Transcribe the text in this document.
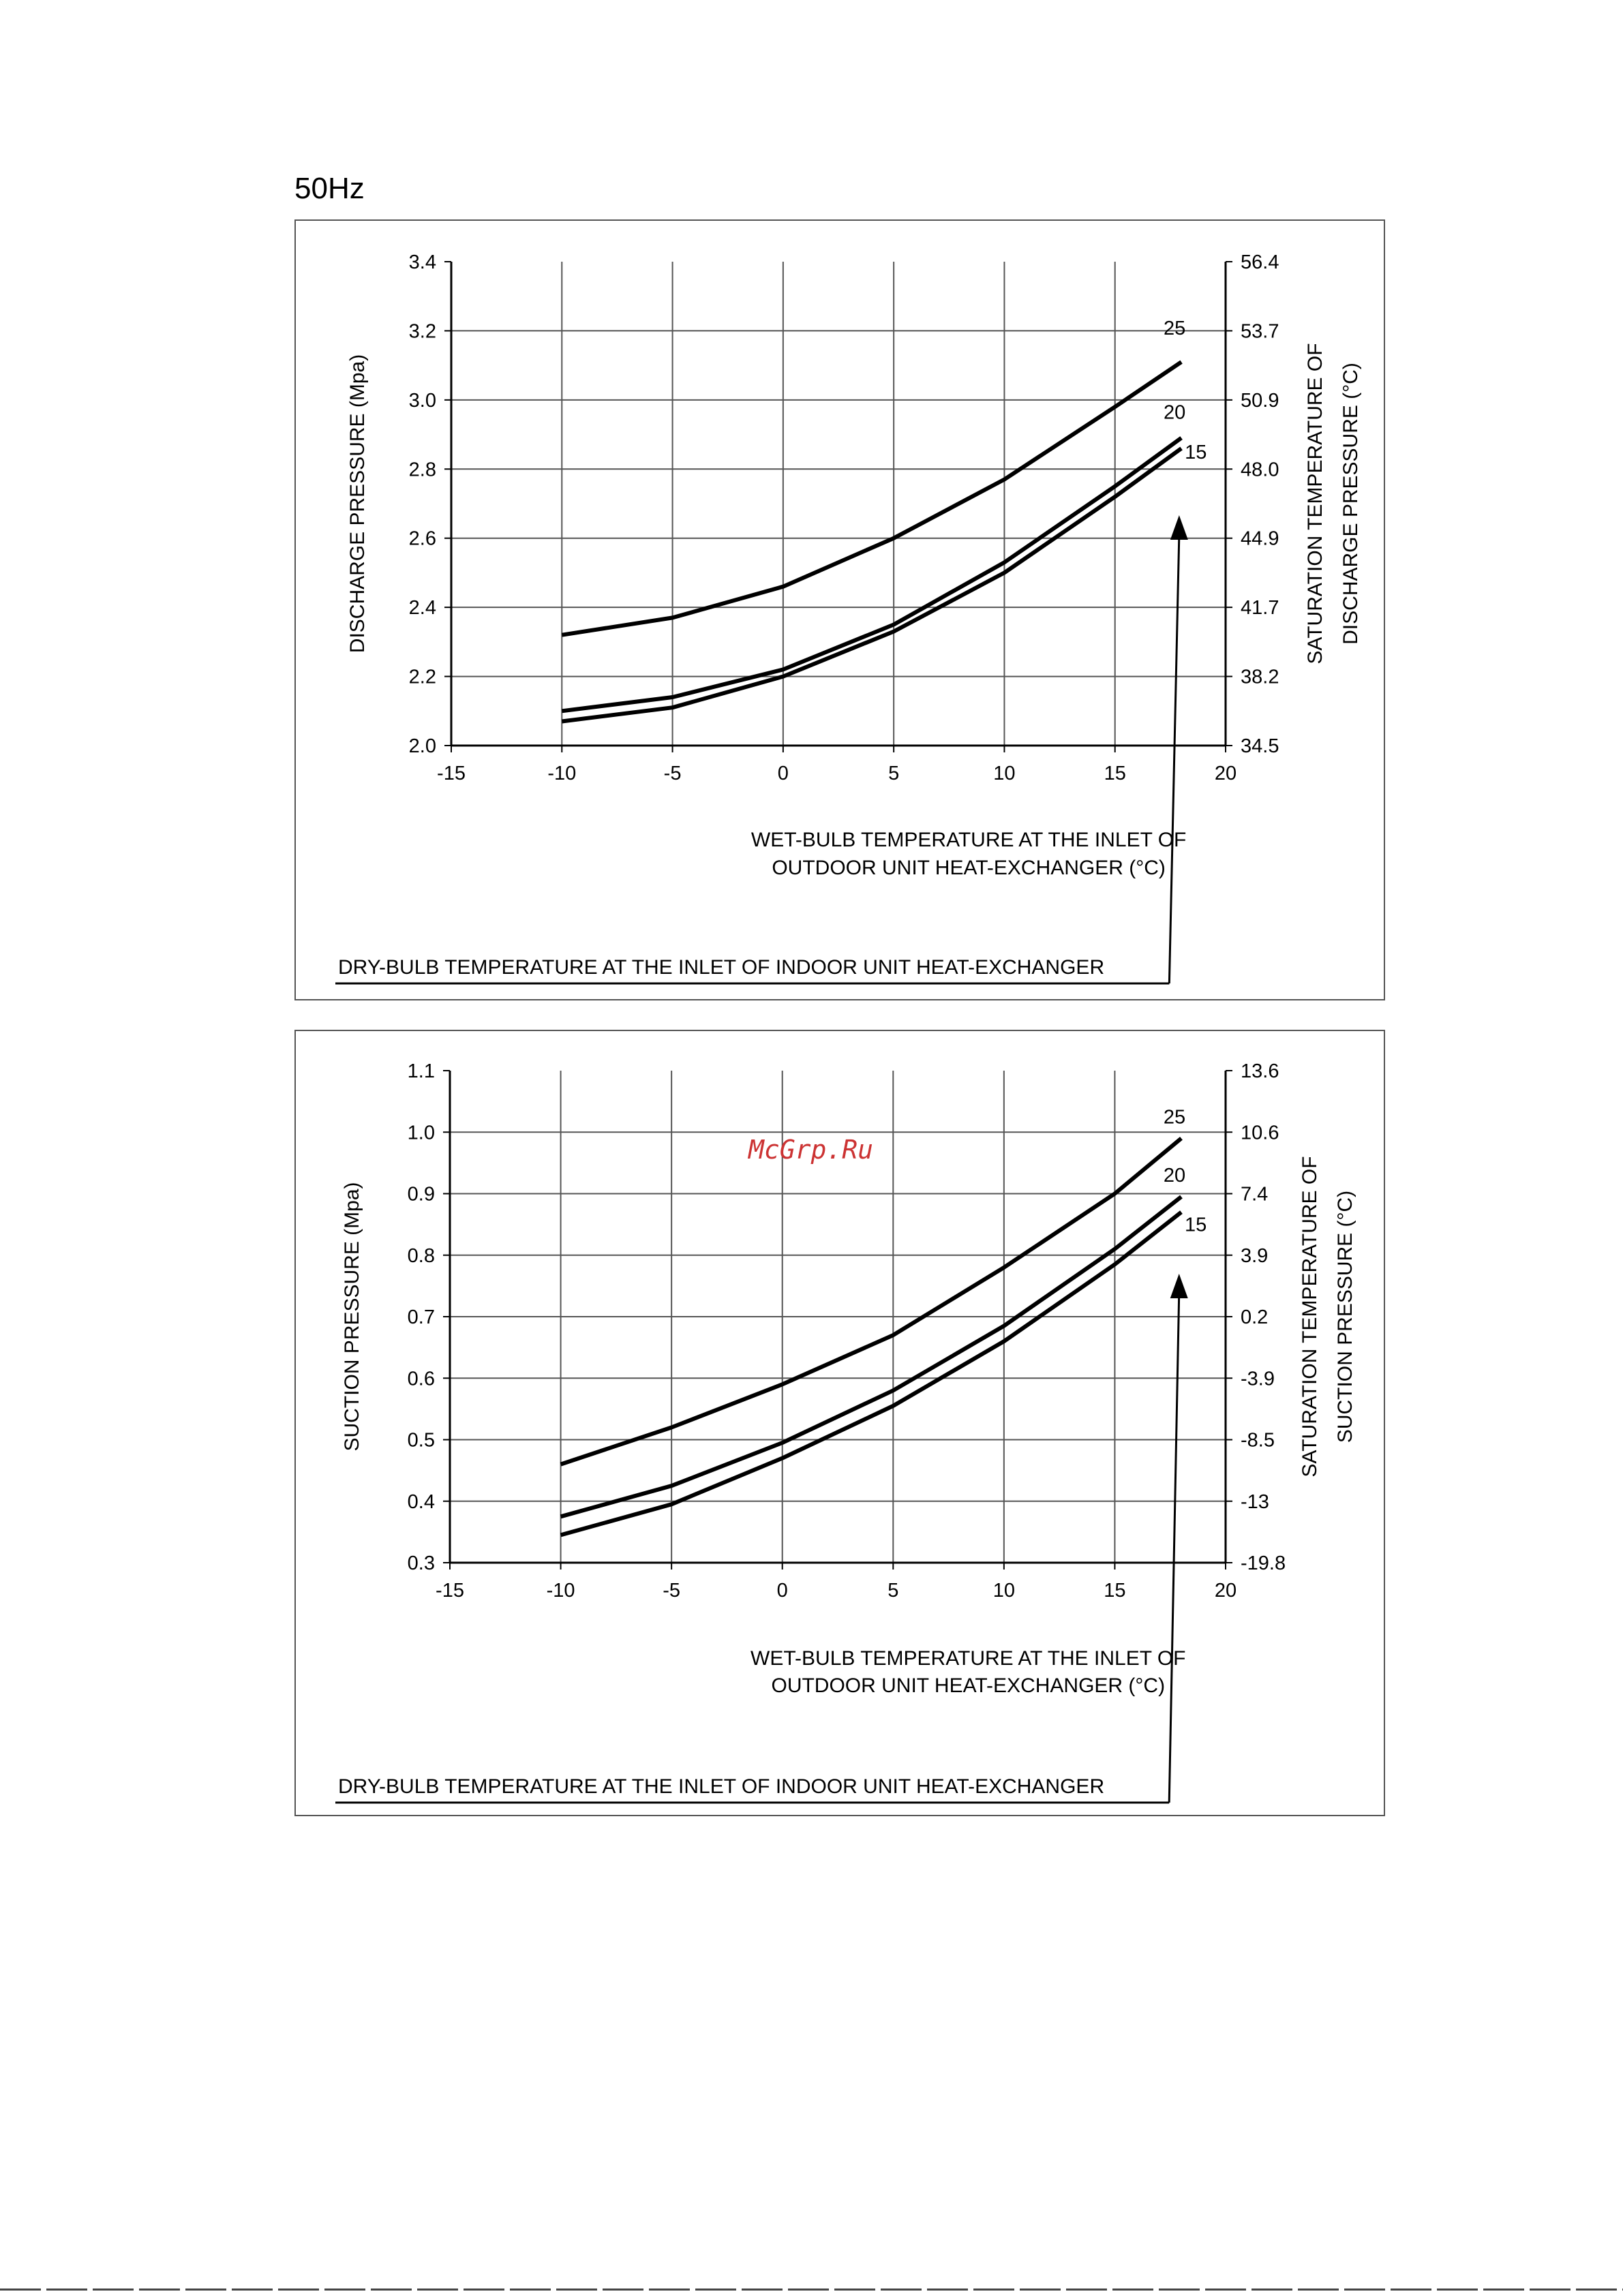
50Hz
-15	-10	-5	0	5	10	15	20
2.0
2.2
2.4
2.6
2.8
3.0
3.2
3.4
34.5
38.2
41.7
44.9
48.0
50.9
53.7
56.4
DISCHARGE PRESSURE (Mpa)	SATURATION TEMPERATURE OF DISCHARGE PRESSURE (°C)
WET-BULB TEMPERATURE AT THE INLET OF
OUTDOOR UNIT HEAT-EXCHANGER (°C)
25
20
15
DRY-BULB TEMPERATURE AT THE INLET OF INDOOR UNIT HEAT-EXCHANGER
-15	-10	-5	0	5	10	15	20
0.3
0.4
0.5
0.6
0.7
0.8
0.9
1.0
1.1
-19.8
-13
-8.5
-3.9
0.2
3.9
7.4
10.6
13.6
SUCTION PRESSURE (Mpa)	SATURATION TEMPERATURE OF SUCTION PRESSURE (°C)
WET-BULB TEMPERATURE AT THE INLET OF
OUTDOOR UNIT HEAT-EXCHANGER (°C)
25
20
15
DRY-BULB TEMPERATURE AT THE INLET OF INDOOR UNIT HEAT-EXCHANGER
McGrp.Ru
